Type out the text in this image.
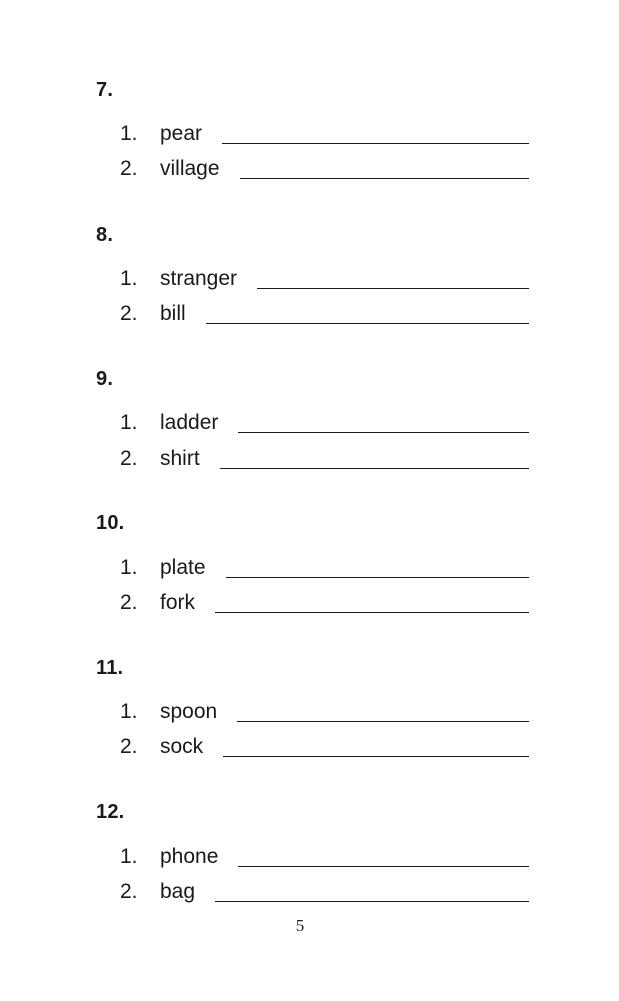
7.
1.	pear
2.	village
8.
1.	stranger
2.	bill
9.
1.	ladder
2.	shirt
10.
1.	plate
2.	fork
11.
1.	spoon
2.	sock
12.
1.	phone
2.	bag
5
